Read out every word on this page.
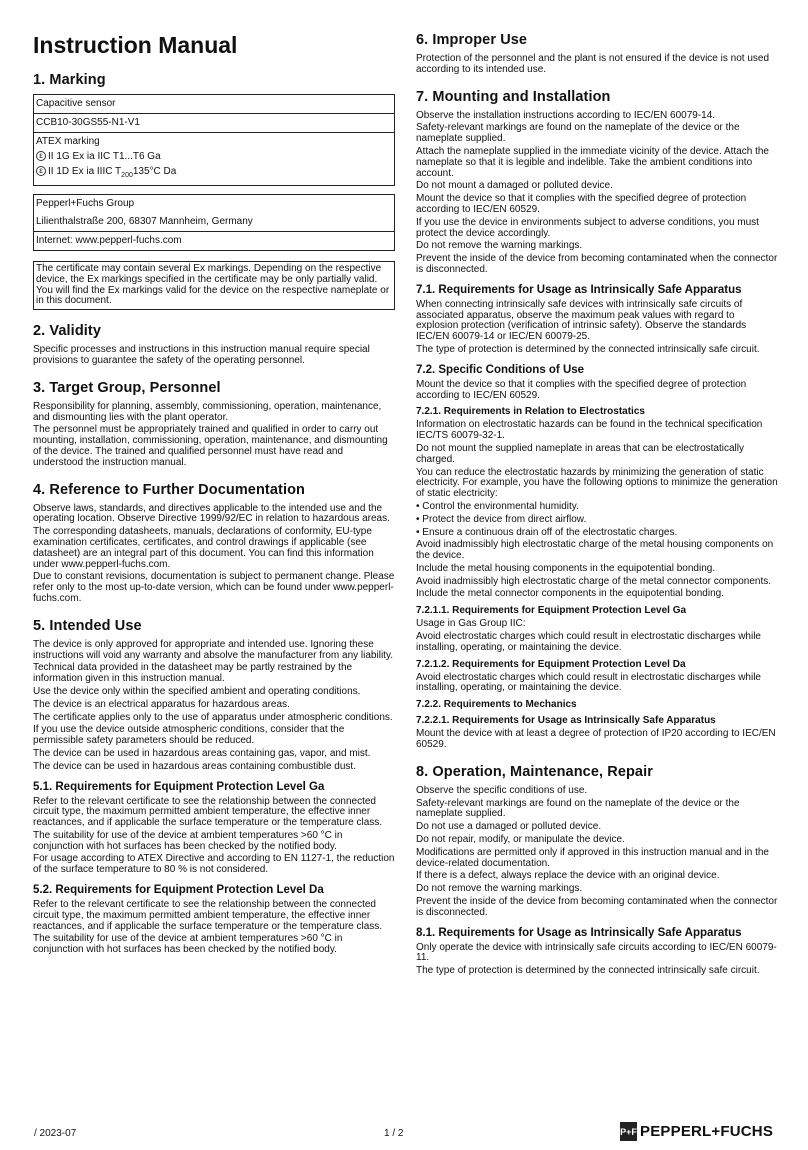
Instruction Manual
1. Marking
Capacitive sensor
CCB10-30GS55-N1-V1
ATEX marking
ε II 1G Ex ia IIC T1...T6 Ga
ε II 1D Ex ia IIIC $T_{200}135^\circ C$ Da
Pepperl+Fuchs Group
Lilienthalstraße 200, 68307 Mannheim, Germany
Internet: www.pepperl-fuchs.com
The certificate may contain several Ex markings. Depending on the respective device, the Ex markings specified in the certificate may be only partially valid. You will find the Ex markings valid for the device on the respective nameplate or in this document.
2. Validity

Specific processes and instructions in this instruction manual require special provisions to guarantee the safety of the operating personnel.

3. Target Group, Personnel

Responsibility for planning, assembly, commissioning, operation, maintenance, and dismounting lies with the plant operator.

The personnel must be appropriately trained and qualified in order to carry out mounting, installation, commissioning, operation, maintenance, and dismounting of the device. The trained and qualified personnel must have read and understood the instruction manual.

4. Reference to Further Documentation

Observe laws, standards, and directives applicable to the intended use and the operating location. Observe Directive 1999/92/EC in relation to hazardous areas.

The corresponding datasheets, manuals, declarations of conformity, EU-type examination certificates, certificates, and control drawings if applicable (see datasheet) are an integral part of this document. You can find this information under www.pepperl-fuchs.com.

Due to constant revisions, documentation is subject to permanent change. Please refer only to the most up-to-date version, which can be found under www.pepperl-fuchs.com.

5. Intended Use

The device is only approved for appropriate and intended use. Ignoring these instructions will void any warranty and absolve the manufacturer from any liability.

Technical data provided in the datasheet may be partly restrained by the information given in this instruction manual.

Use the device only within the specified ambient and operating conditions.

The device is an electrical apparatus for hazardous areas.

The certificate applies only to the use of apparatus under atmospheric conditions.

If you use the device outside atmospheric conditions, consider that the permissible safety parameters should be reduced.

The device can be used in hazardous areas containing gas, vapor, and mist.

The device can be used in hazardous areas containing combustible dust.

5.1. Requirements for Equipment Protection Level Ga

Refer to the relevant certificate to see the relationship between the connected circuit type, the maximum permitted ambient temperature, the effective inner reactances, and if applicable the surface temperature or the temperature class.

The suitability for use of the device at ambient temperatures >60 °C in conjunction with hot surfaces has been checked by the notified body.

For usage according to ATEX Directive and according to EN 1127-1, the reduction of the surface temperature to 80 % is not considered.

5.2. Requirements for Equipment Protection Level Da

Refer to the relevant certificate to see the relationship between the connected circuit type, the maximum permitted ambient temperature, the effective inner reactances, and if applicable the surface temperature or the temperature class.

The suitability for use of the device at ambient temperatures >60 °C in conjunction with hot surfaces has been checked by the notified body.

6. Improper Use

Protection of the personnel and the plant is not ensured if the device is not used according to its intended use.

7. Mounting and Installation

Observe the installation instructions according to IEC/EN 60079-14.

Safety-relevant markings are found on the nameplate of the device or the nameplate supplied.

Attach the nameplate supplied in the immediate vicinity of the device. Attach the nameplate so that it is legible and indelible. Take the ambient conditions into account.

Do not mount a damaged or polluted device.

Mount the device so that it complies with the specified degree of protection according to IEC/EN 60529.

If you use the device in environments subject to adverse conditions, you must protect the device accordingly.

Do not remove the warning markings.

Prevent the inside of the device from becoming contaminated when the connector is disconnected.

7.1. Requirements for Usage as Intrinsically Safe Apparatus

When connecting intrinsically safe devices with intrinsically safe circuits of associated apparatus, observe the maximum peak values with regard to explosion protection (verification of intrinsic safety). Observe the standards IEC/EN 60079-14 or IEC/EN 60079-25.

The type of protection is determined by the connected intrinsically safe circuit.

7.2. Specific Conditions of Use

Mount the device so that it complies with the specified degree of protection according to IEC/EN 60529.

7.2.1. Requirements in Relation to Electrostatics

Information on electrostatic hazards can be found in the technical specification IEC/TS 60079-32-1.

Do not mount the supplied nameplate in areas that can be electrostatically charged.

You can reduce the electrostatic hazards by minimizing the generation of static electricity. For example, you have the following options to minimize the generation of static electricity:

• Control the environmental humidity.

• Protect the device from direct airflow.

• Ensure a continuous drain off of the electrostatic charges.

Avoid inadmissibly high electrostatic charge of the metal housing components on the device.

Include the metal housing components in the equipotential bonding.

Avoid inadmissibly high electrostatic charge of the metal connector components.

Include the metal connector components in the equipotential bonding.

7.2.1.1. Requirements for Equipment Protection Level Ga

Usage in Gas Group IIC:

Avoid electrostatic charges which could result in electrostatic discharges while installing, operating, or maintaining the device.

7.2.1.2. Requirements for Equipment Protection Level Da

Avoid electrostatic charges which could result in electrostatic discharges while installing, operating, or maintaining the device.

7.2.2. Requirements to Mechanics
7.2.2.1. Requirements for Usage as Intrinsically Safe Apparatus

Mount the device with at least a degree of protection of IP20 according to IEC/EN 60529.

8. Operation, Maintenance, Repair

Observe the specific conditions of use.

Safety-relevant markings are found on the nameplate of the device or the nameplate supplied.

Do not use a damaged or polluted device.

Do not repair, modify, or manipulate the device.

Modifications are permitted only if approved in this instruction manual and in the device-related documentation.

If there is a defect, always replace the device with an original device.

Do not remove the warning markings.

Prevent the inside of the device from becoming contaminated when the connector is disconnected.

8.1. Requirements for Usage as Intrinsically Safe Apparatus

Only operate the device with intrinsically safe circuits according to IEC/EN 60079-11.

The type of protection is determined by the connected intrinsically safe circuit.

/ 2023-07	1 / 2	P+F PEPPERL+FUCHS
